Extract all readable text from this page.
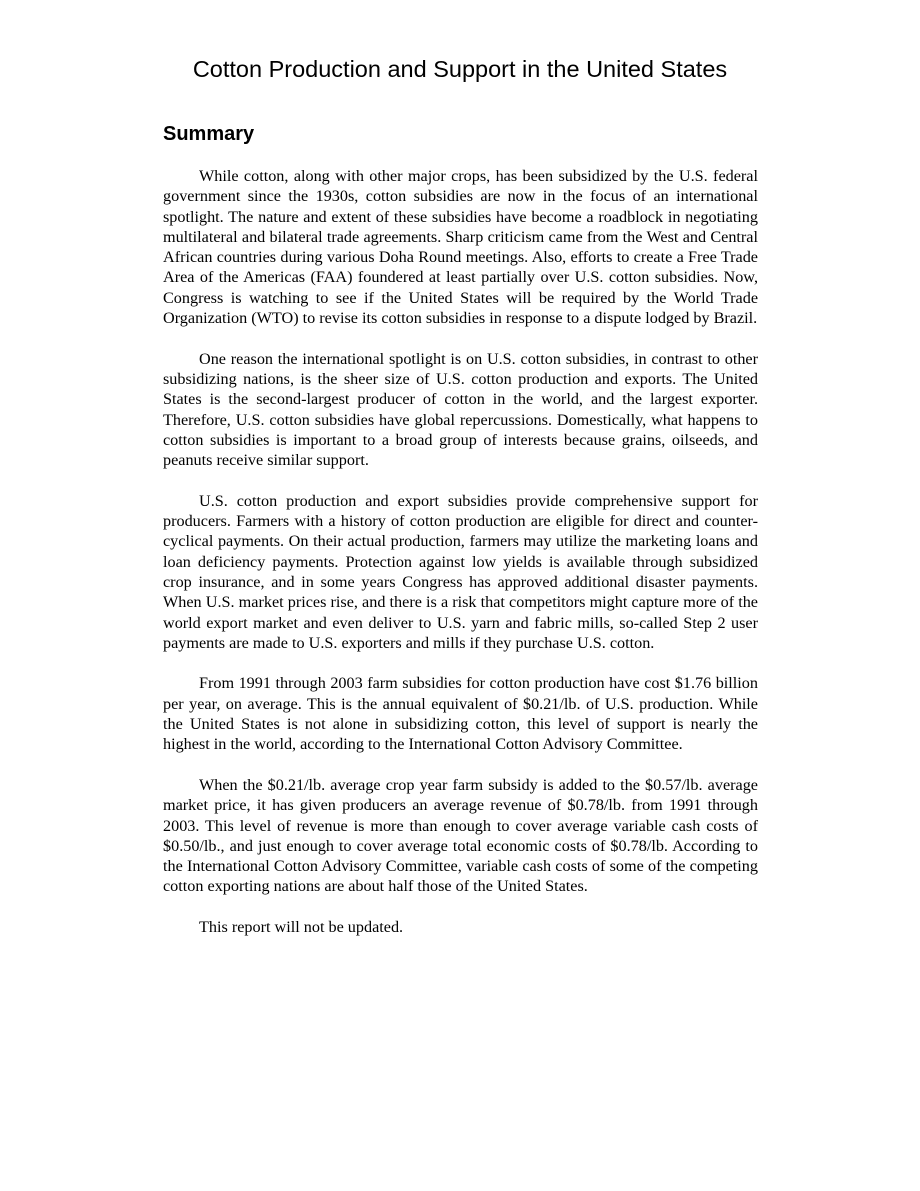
Cotton Production and Support in the United States
Summary

While cotton, along with other major crops, has been subsidized by the U.S. federal government since the 1930s, cotton subsidies are now in the focus of an international spotlight. The nature and extent of these subsidies have become a roadblock in negotiating multilateral and bilateral trade agreements. Sharp criticism came from the West and Central African countries during various Doha Round meetings. Also, efforts to create a Free Trade Area of the Americas (FAA) foundered at least partially over U.S. cotton subsidies. Now, Congress is watching to see if the United States will be required by the World Trade Organization (WTO) to revise its cotton subsidies in response to a dispute lodged by Brazil.

One reason the international spotlight is on U.S. cotton subsidies, in contrast to other subsidizing nations, is the sheer size of U.S. cotton production and exports. The United States is the second-largest producer of cotton in the world, and the largest exporter. Therefore, U.S. cotton subsidies have global repercussions. Domestically, what happens to cotton subsidies is important to a broad group of interests because grains, oilseeds, and peanuts receive similar support.

U.S. cotton production and export subsidies provide comprehensive support for producers. Farmers with a history of cotton production are eligible for direct and counter-cyclical payments. On their actual production, farmers may utilize the marketing loans and loan deficiency payments. Protection against low yields is available through subsidized crop insurance, and in some years Congress has approved additional disaster payments. When U.S. market prices rise, and there is a risk that competitors might capture more of the world export market and even deliver to U.S. yarn and fabric mills, so-called Step 2 user payments are made to U.S. exporters and mills if they purchase U.S. cotton.

From 1991 through 2003 farm subsidies for cotton production have cost $1.76 billion per year, on average. This is the annual equivalent of $0.21/lb. of U.S. production. While the United States is not alone in subsidizing cotton, this level of support is nearly the highest in the world, according to the International Cotton Advisory Committee.

When the $0.21/lb. average crop year farm subsidy is added to the $0.57/lb. average market price, it has given producers an average revenue of $0.78/lb. from 1991 through 2003. This level of revenue is more than enough to cover average variable cash costs of $0.50/lb., and just enough to cover average total economic costs of $0.78/lb. According to the International Cotton Advisory Committee, variable cash costs of some of the competing cotton exporting nations are about half those of the United States.

This report will not be updated.
